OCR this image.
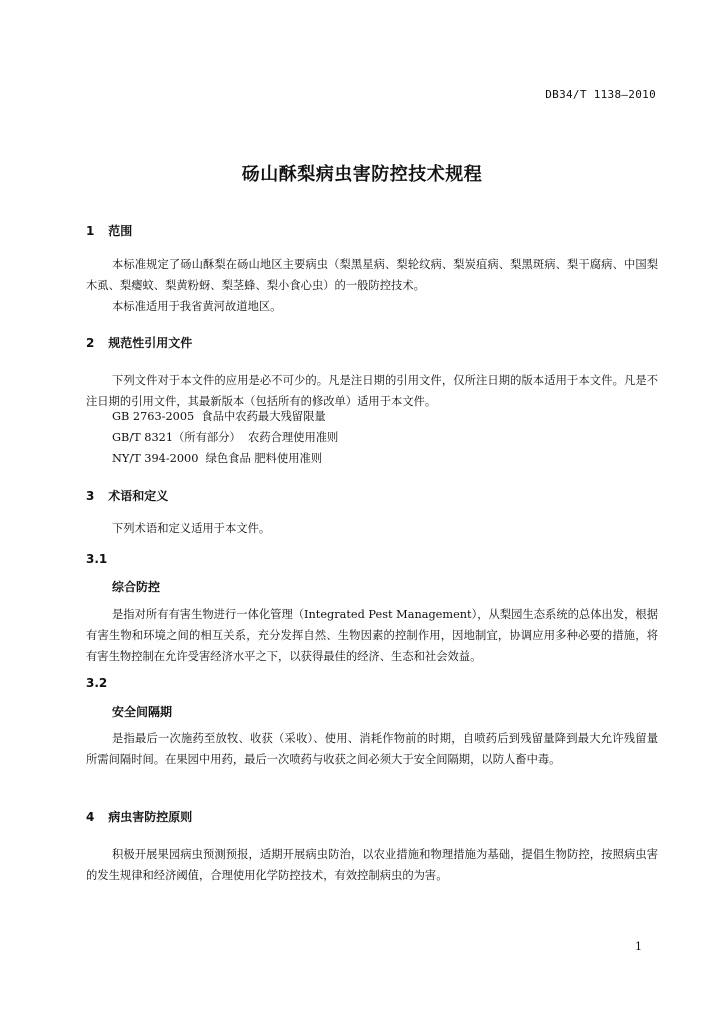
DB34/T 1138—2010
砀山酥梨病虫害防控技术规程
1 范围
本标准规定了砀山酥梨在砀山地区主要病虫（梨黑星病、梨轮纹病、梨炭疽病、梨黑斑病、梨干腐病、中国梨木虱、梨瘿蚊、梨黄粉蚜、梨茎蜂、梨小食心虫）的一般防控技术。
本标准适用于我省黄河故道地区。
2 规范性引用文件
下列文件对于本文件的应用是必不可少的。凡是注日期的引用文件，仅所注日期的版本适用于本文件。凡是不注日期的引用文件，其最新版本（包括所有的修改单）适用于本文件。
GB 2763-2005  食品中农药最大残留限量
GB/T 8321（所有部分）  农药合理使用准则
NY/T 394-2000  绿色食品 肥料使用准则
3 术语和定义
下列术语和定义适用于本文件。
3.1
综合防控
是指对所有有害生物进行一体化管理（Integrated Pest Management），从梨园生态系统的总体出发，根据有害生物和环境之间的相互关系，充分发挥自然、生物因素的控制作用，因地制宜，协调应用多种必要的措施，将有害生物控制在允许受害经济水平之下，以获得最佳的经济、生态和社会效益。
3.2
安全间隔期
是指最后一次施药至放牧、收获（采收）、使用、消耗作物前的时期，自喷药后到残留量降到最大允许残留量所需间隔时间。在果园中用药，最后一次喷药与收获之间必须大于安全间隔期，以防人畜中毒。
4 病虫害防控原则
积极开展果园病虫预测预报，适期开展病虫防治，以农业措施和物理措施为基础，提倡生物防控，按照病虫害的发生规律和经济阈值，合理使用化学防控技术，有效控制病虫的为害。
1
